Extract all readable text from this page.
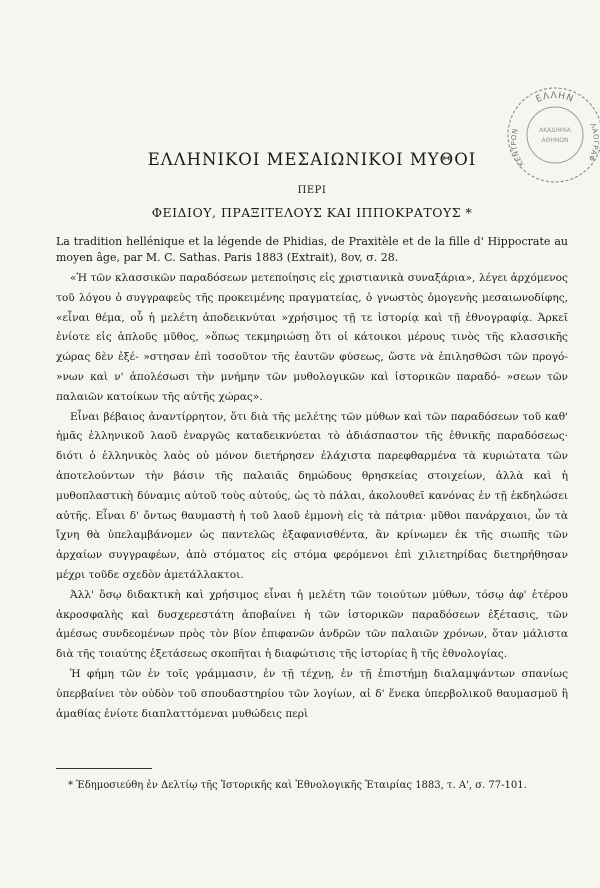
ΕΛΛΗΝ
ΚΕΝΤΡΟΝ
ΛΑΟΓΡΑΦ
ΑΚΑΔΗΜΙΑ
ΑΘΗΝΩΝ
ΕΛΛΗΝΙΚΟΙ ΜΕΣΑΙΩΝΙΚΟΙ ΜΥΘΟΙ
ΠΕΡΙ
ΦΕΙΔΙΟΥ, ΠΡΑΞΙΤΕΛΟΥΣ ΚΑΙ ΙΠΠΟΚΡΑΤΟΥΣ *
La tradition hellénique et la légende de Phidias, de Praxitèle et de la fille d' Hippocrate au moyen âge, par M. C. Sathas. Paris 1883 (Extrait), 8ov, σ. 28.

«Ἡ τῶν κλασσικῶν παραδόσεων μετεποίησις εἰς χριστιανικὰ συναξάρια», λέγει ἀρχόμενος τοῦ λόγου ὁ συγγραφεὺς τῆς προκειμένης πραγματείας, ὁ γνωστὸς ὁμογενὴς μεσαιωνοδίφης, «εἶναι θέμα, οὗ ἡ μελέτη ἀποδεικνύται »χρήσιμος τῇ τε ἱστορίᾳ καὶ τῇ ἐθνογραφίᾳ. Ἀρκεῖ ἐνίοτε εἰς ἁπλοῦς μῦθος, »ὅπως τεκμηριώσῃ ὅτι οἱ κάτοικοι μέρους τινὸς τῆς κλασσικῆς χώρας δὲν ἐξέ- »στησαν ἐπὶ τοσοῦτον τῆς ἑαυτῶν φύσεως, ὥστε νὰ ἐπιλησθῶσι τῶν προγό- »νων καὶ ν' ἀπολέσωσι τὴν μνήμην τῶν μυθολογικῶν καὶ ἱστορικῶν παραδό- »σεων τῶν παλαιῶν κατοίκων τῆς αὐτῆς χώρας».

Εἶναι βέβαιος ἀναντίρρητον, ὅτι διὰ τῆς μελέτης τῶν μύθων καὶ τῶν παραδόσεων τοῦ καθ' ἡμᾶς ἑλληνικοῦ λαοῦ ἐναργῶς καταδεικνύεται τὸ ἀδιάσπαστον τῆς ἐθνικῆς παραδόσεως· διότι ὁ ἑλληνικὸς λαὸς οὐ μόνον διετήρησεν ἐλάχιστα παρεφθαρμένα τὰ κυριώτατα τῶν ἀποτελούντων τὴν βάσιν τῆς παλαιᾶς δημώδους θρησκείας στοιχείων, ἀλλὰ καὶ ἡ μυθοπλαστικὴ δύναμις αὐτοῦ τοὺς αὐτούς, ὡς τὸ πάλαι, ἀκολουθεῖ κανόνας ἐν τῇ ἐκδηλώσει αὐτῆς. Εἶναι δ' ὄντως θαυμαστὴ ἡ τοῦ λαοῦ ἐμμονὴ εἰς τὰ πάτρια· μῦθοι πανάρχαιοι, ὧν τὰ ἴχνη θὰ ὑπελαμβάνομεν ὡς παντελῶς ἐξαφανισθέντα, ἂν κρίνωμεν ἐκ τῆς σιωπῆς τῶν ἀρχαίων συγγραφέων, ἀπὸ στόματος εἰς στόμα φερόμενοι ἐπὶ χιλιετηρίδας διετηρήθησαν μέχρι τοῦδε σχεδὸν ἀμετάλλακτοι.

Ἀλλ' ὅσῳ διδακτικὴ καὶ χρήσιμος εἶναι ἡ μελέτη τῶν τοιούτων μύθων, τόσῳ ἀφ' ἑτέρου ἀκροσφαλὴς καὶ δυσχερεστάτη ἀποβαίνει ἡ τῶν ἱστορικῶν παραδόσεων ἐξέτασις, τῶν ἀμέσως συνδεομένων πρὸς τὸν βίον ἐπιφανῶν ἀνδρῶν τῶν παλαιῶν χρόνων, ὅταν μάλιστα διὰ τῆς τοιαύτης ἐξετάσεως σκοπῆται ἡ διαφώτισις τῆς ἱστορίας ἢ τῆς ἐθνολογίας.

Ἡ φήμη τῶν ἐν τοῖς γράμμασιν, ἐν τῇ τέχνῃ, ἐν τῇ ἐπιστήμῃ διαλαμψάντων σπανίως ὑπερβαίνει τὸν οὐδὸν τοῦ σπουδαστηρίου τῶν λογίων, αἱ δ' ἕνεκα ὑπερβολικοῦ θαυμασμοῦ ἢ ἀμαθίας ἐνίοτε διαπλαττόμεναι μυθώδεις περὶ

* Ἐδημοσιεύθη ἐν Δελτίῳ τῆς Ἱστορικῆς καὶ Ἐθνολογικῆς Ἑταιρίας 1883, τ. Α', σ. 77-101.
